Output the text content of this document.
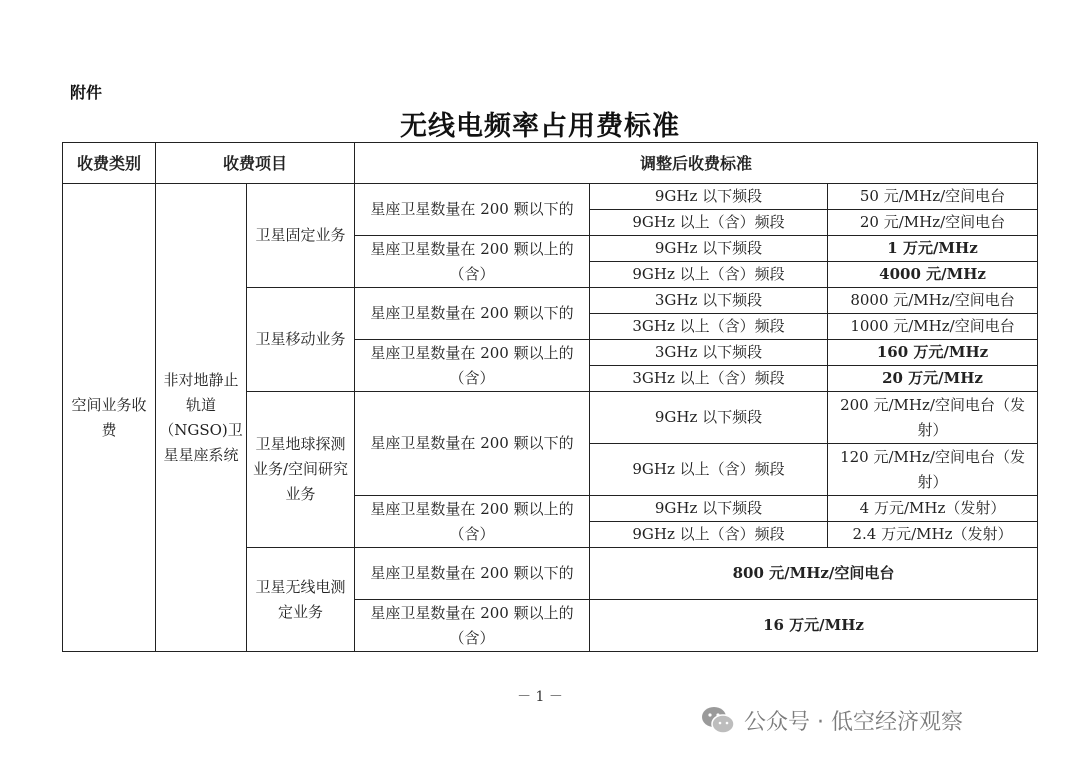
附件
无线电频率占用费标准
收费类别	收费项目		调整后收费标准		
空间业务收费	非对地静止轨道（NGSO)卫星星座系统	卫星固定业务	星座卫星数量在 200 颗以下的	9GHz 以下频段	50 元/MHz/空间电台
				9GHz 以上（含）频段	20 元/MHz/空间电台
			星座卫星数量在 200 颗以上的（含）	9GHz 以下频段	1 万元/MHz
				9GHz 以上（含）频段	4000 元/MHz
		卫星移动业务	星座卫星数量在 200 颗以下的	3GHz 以下频段	8000 元/MHz/空间电台
				3GHz 以上（含）频段	1000 元/MHz/空间电台
			星座卫星数量在 200 颗以上的（含）	3GHz 以下频段	160 万元/MHz
				3GHz 以上（含）频段	20 万元/MHz
		卫星地球探测业务/空间研究业务	星座卫星数量在 200 颗以下的	9GHz 以下频段	200 元/MHz/空间电台（发射）
				9GHz 以上（含）频段	120 元/MHz/空间电台（发射）
			星座卫星数量在 200 颗以上的（含）	9GHz 以下频段	4 万元/MHz（发射）
				9GHz 以上（含）频段	2.4 万元/MHz（发射）
		卫星无线电测定业务	星座卫星数量在 200 颗以下的	800 元/MHz/空间电台	
			星座卫星数量在 200 颗以上的（含）	16 万元/MHz	
－ 1 －
公众号 · 低空经济观察
